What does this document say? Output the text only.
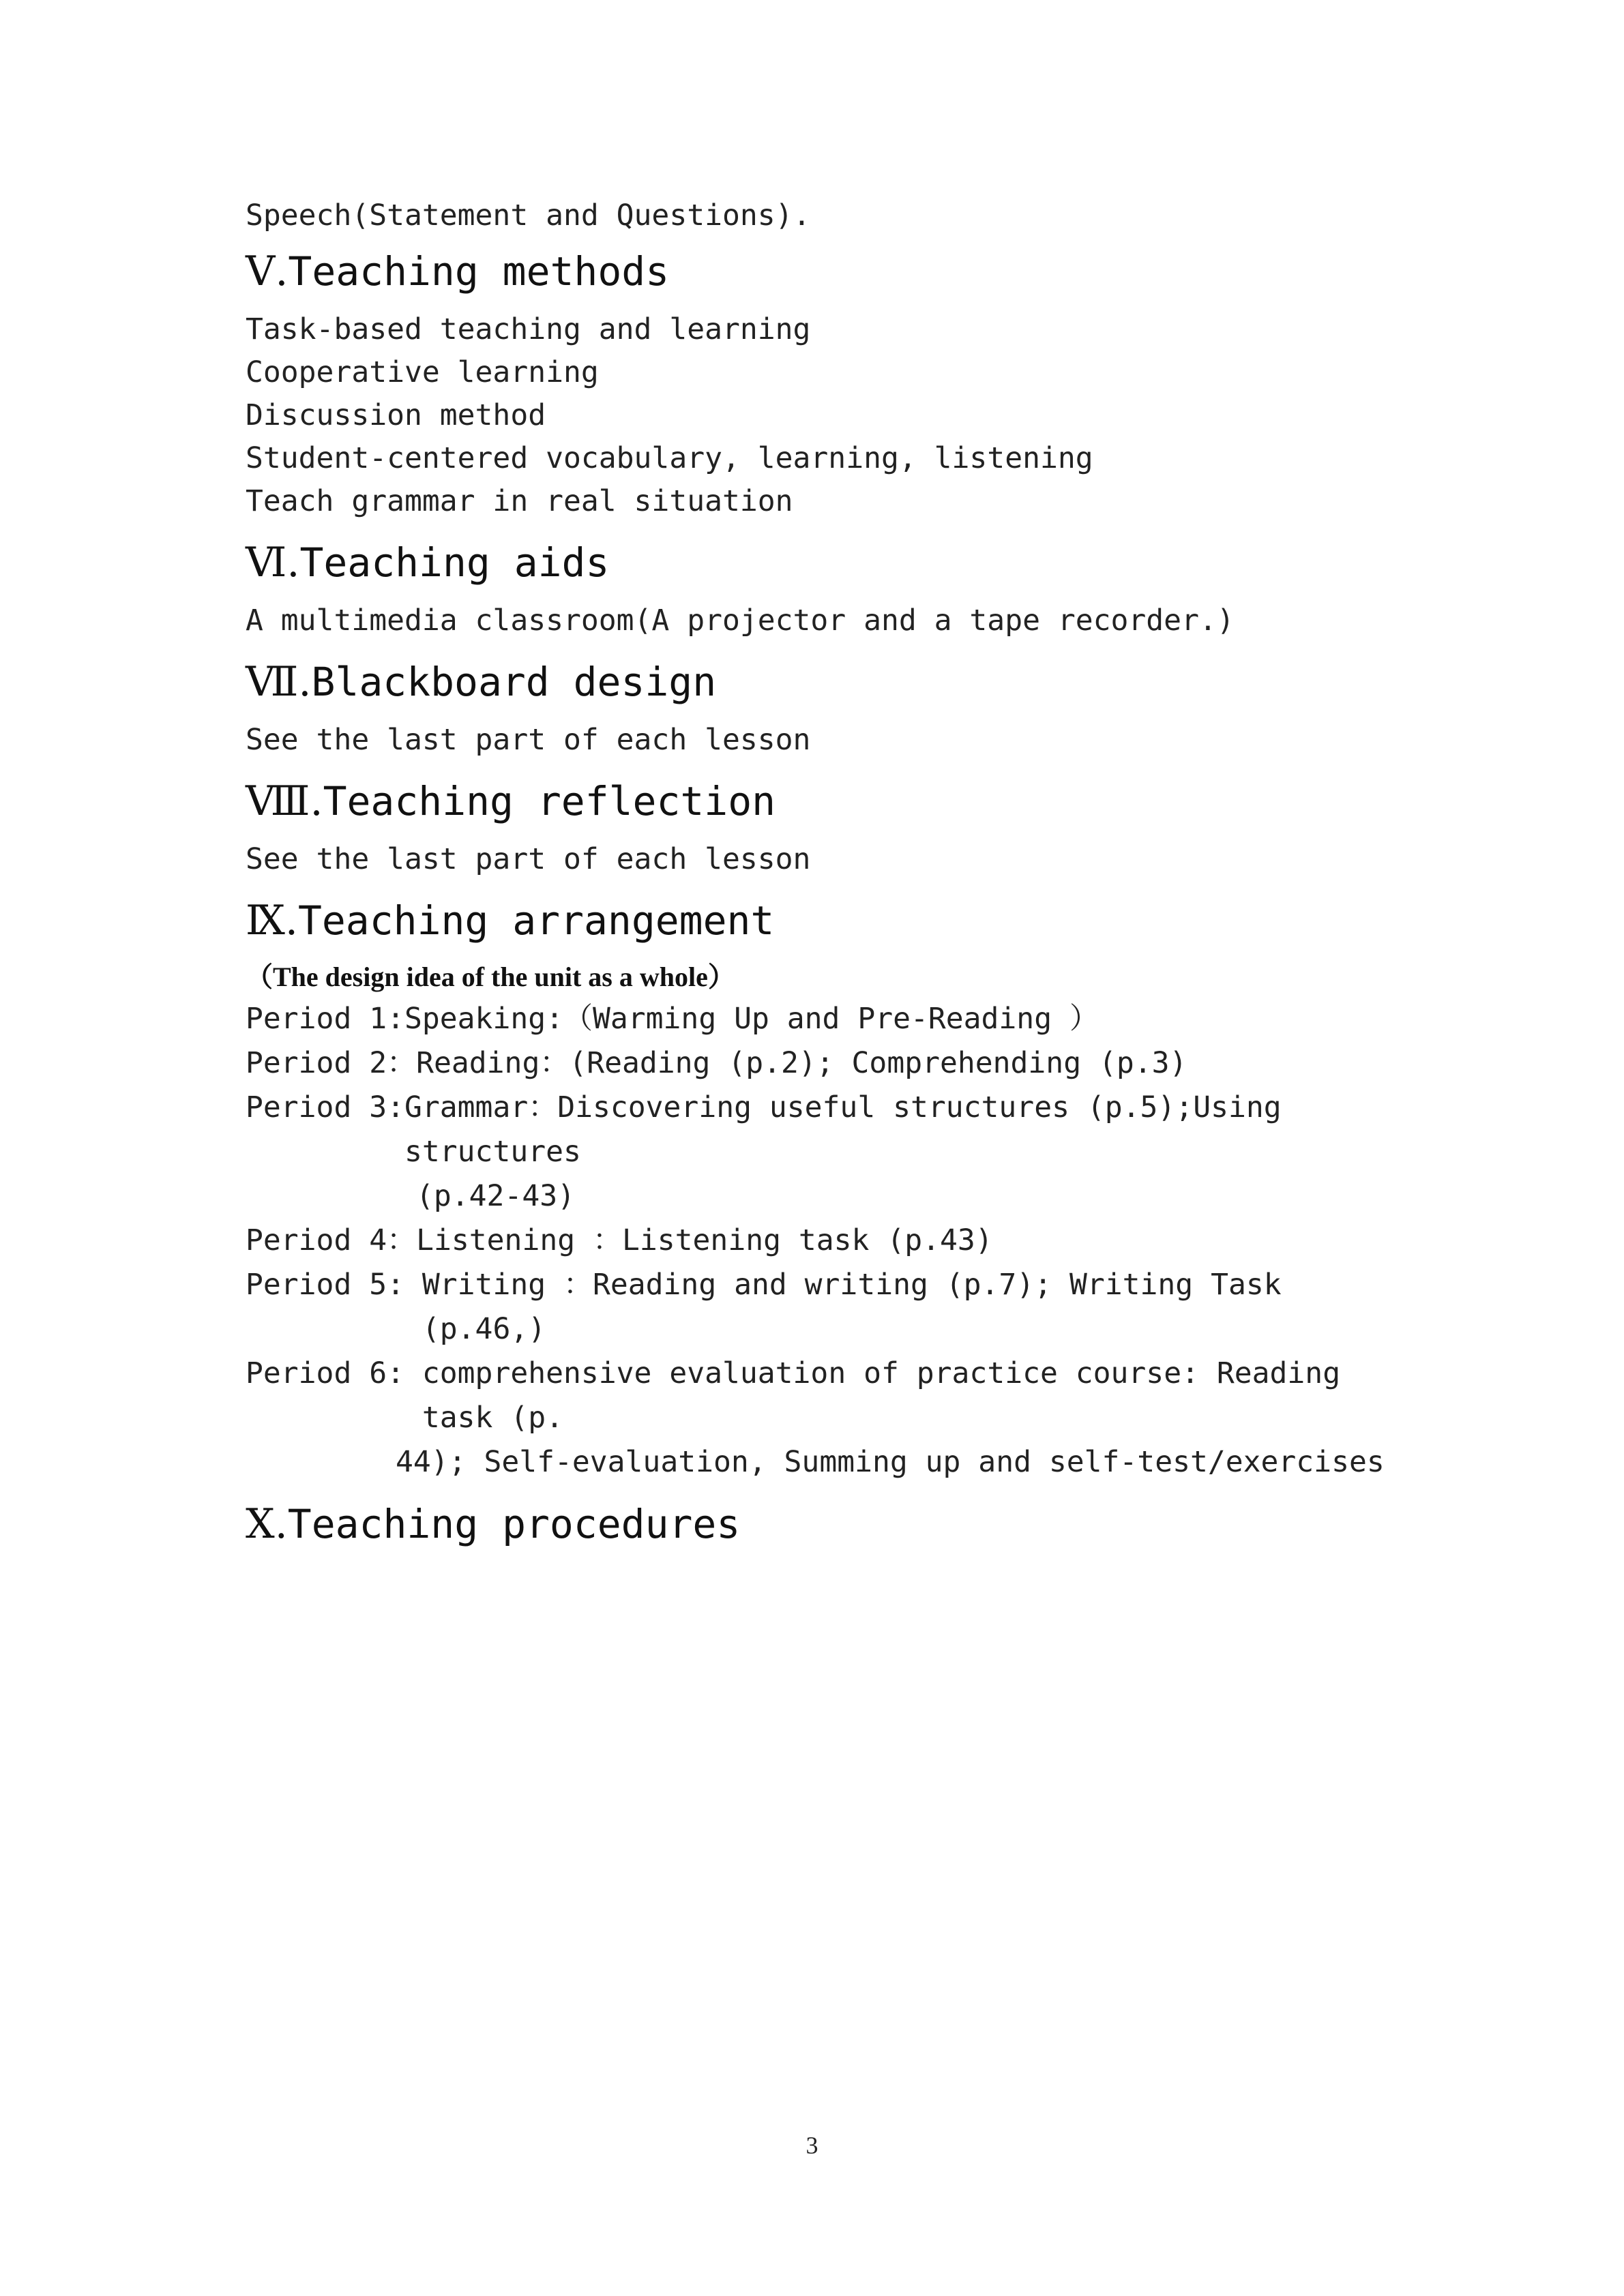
Speech(Statement and Questions).
Ⅴ.Teaching methods
Task-based teaching and learning
Cooperative learning
Discussion method
Student-centered vocabulary, learning, listening
Teach grammar in real situation
Ⅵ.Teaching aids
A multimedia classroom(A projector and a tape recorder.)
Ⅶ.Blackboard design
See the last part of each lesson
Ⅷ.Teaching reflection
See the last part of each lesson
Ⅸ.Teaching arrangement
（The design idea of the unit as a whole）
Period 1: Speaking:（Warming Up and Pre-Reading ）
Period 2： Reading：(Reading (p.2); Comprehending (p.3)
Period 3: Grammar：Discovering useful structures (p.5);Using structures
(p.42-43)
Period 4： Listening ：Listening task (p.43)
Period 5: Writing ：Reading and writing (p.7); Writing Task (p.46,)
Period 6: comprehensive evaluation of practice course: Reading task (p.
44); Self-evaluation, Summing up and self-test/exercises
Ⅹ.Teaching procedures
3
